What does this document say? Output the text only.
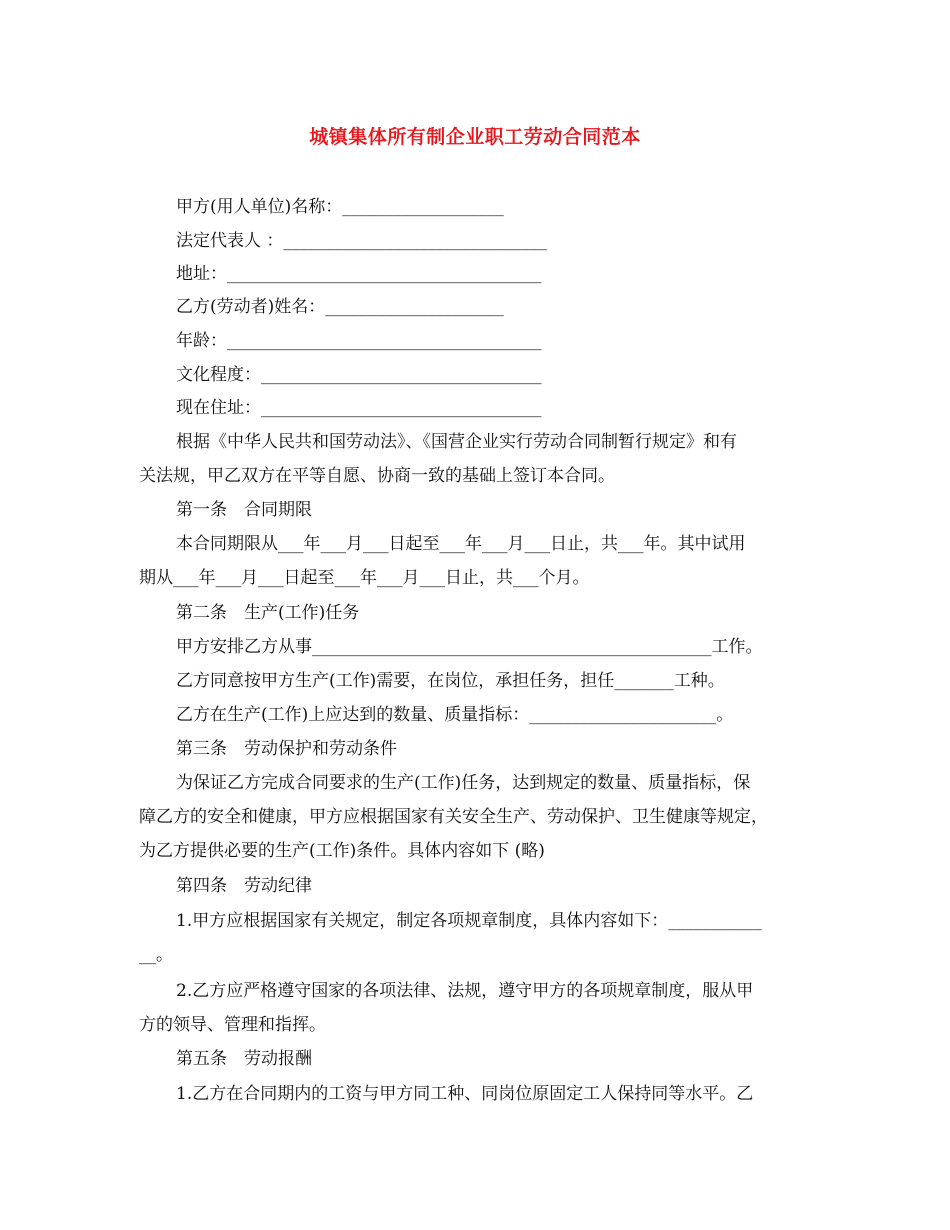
城镇集体所有制企业职工劳动合同范本
甲方(用人单位)名称：___________________
法定代表人 ：_______________________________
地址：_____________________________________
乙方(劳动者)姓名：_____________________
年龄：_____________________________________
文化程度：_________________________________
现在住址：_________________________________
根据《中华人民共和国劳动法》、《国营企业实行劳动合同制暂行规定》和有
关法规，甲乙双方在平等自愿、协商一致的基础上签订本合同。
第一条　合同期限
本合同期限从___年___月___日起至___年___月___日止，共___年。其中试用
期从___年___月___日起至___年___月___日止，共___个月。
第二条　生产(工作)任务
甲方安排乙方从事_______________________________________________工作。
乙方同意按甲方生产(工作)需要，在岗位，承担任务，担任_______工种。
乙方在生产(工作)上应达到的数量、质量指标：______________________。
第三条　劳动保护和劳动条件
为保证乙方完成合同要求的生产(工作)任务，达到规定的数量、质量指标，保
障乙方的安全和健康，甲方应根据国家有关安全生产、劳动保护、卫生健康等规定，
为乙方提供必要的生产(工作)条件。具体内容如下 (略)
第四条　劳动纪律
1.甲方应根据国家有关规定，制定各项规章制度，具体内容如下：___________
__。
2.乙方应严格遵守国家的各项法律、法规，遵守甲方的各项规章制度，服从甲
方的领导、管理和指挥。
第五条　劳动报酬
1.乙方在合同期内的工资与甲方同工种、同岗位原固定工人保持同等水平。乙
